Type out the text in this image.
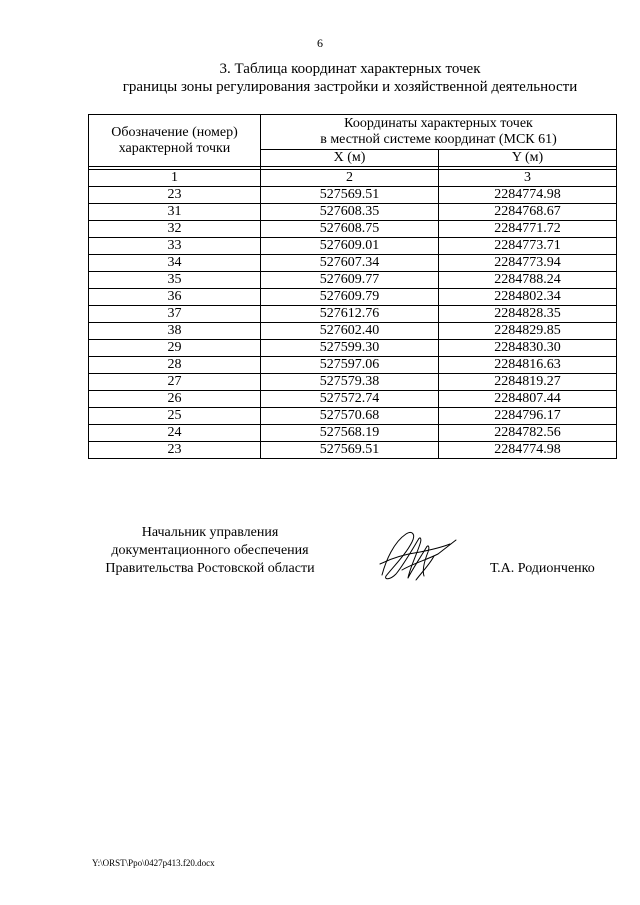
6
3. Таблица координат характерных точек
границы зоны регулирования застройки и хозяйственной деятельности
Обозначение (номер) характерной точки	Координаты характерных точек
в местной системе координат (МСК 61)	

	X (м)	Y (м)

1	2	3
23	527569.51	2284774.98
31	527608.35	2284768.67
32	527608.75	2284771.72
33	527609.01	2284773.71
34	527607.34	2284773.94
35	527609.77	2284788.24
36	527609.79	2284802.34
37	527612.76	2284828.35
38	527602.40	2284829.85
29	527599.30	2284830.30
28	527597.06	2284816.63
27	527579.38	2284819.27
26	527572.74	2284807.44
25	527570.68	2284796.17
24	527568.19	2284782.56
23	527569.51	2284774.98
Начальник управления
документационного обеспечения
Правительства Ростовской области	Т.А. Родионченко
Y:\ORST\Ppo\0427p413.f20.docx
